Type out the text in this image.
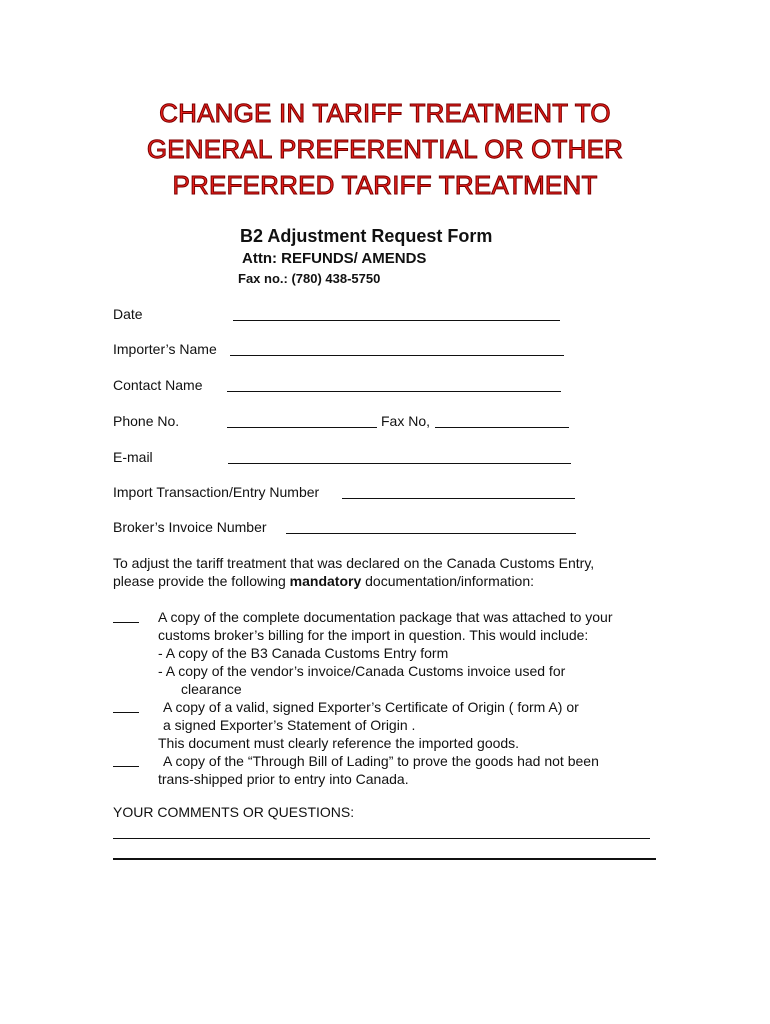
CHANGE IN TARIFF TREATMENT TO
GENERAL PREFERENTIAL OR OTHER
PREFERRED TARIFF TREATMENT
B2 Adjustment Request Form
Attn: REFUNDS/ AMENDS
Fax no.: (780) 438-5750
Date
Importer’s Name
Contact Name
Phone No.	Fax No,
E-mail
Import Transaction/Entry Number
Broker’s Invoice Number
To adjust the tariff treatment that was declared on the Canada Customs Entry,
please provide the following mandatory documentation/information:
A copy of the complete documentation package that was attached to your
customs broker’s billing for the import in question. This would include:
- A copy of the B3 Canada Customs Entry form
- A copy of the vendor’s invoice/Canada Customs invoice used for
clearance
A copy of a valid, signed Exporter’s Certificate of Origin ( form A) or
a signed Exporter’s Statement of Origin .
This document must clearly reference the imported goods.
A copy of the “Through Bill of Lading” to prove the goods had not been
trans-shipped prior to entry into Canada.
YOUR COMMENTS OR QUESTIONS:
